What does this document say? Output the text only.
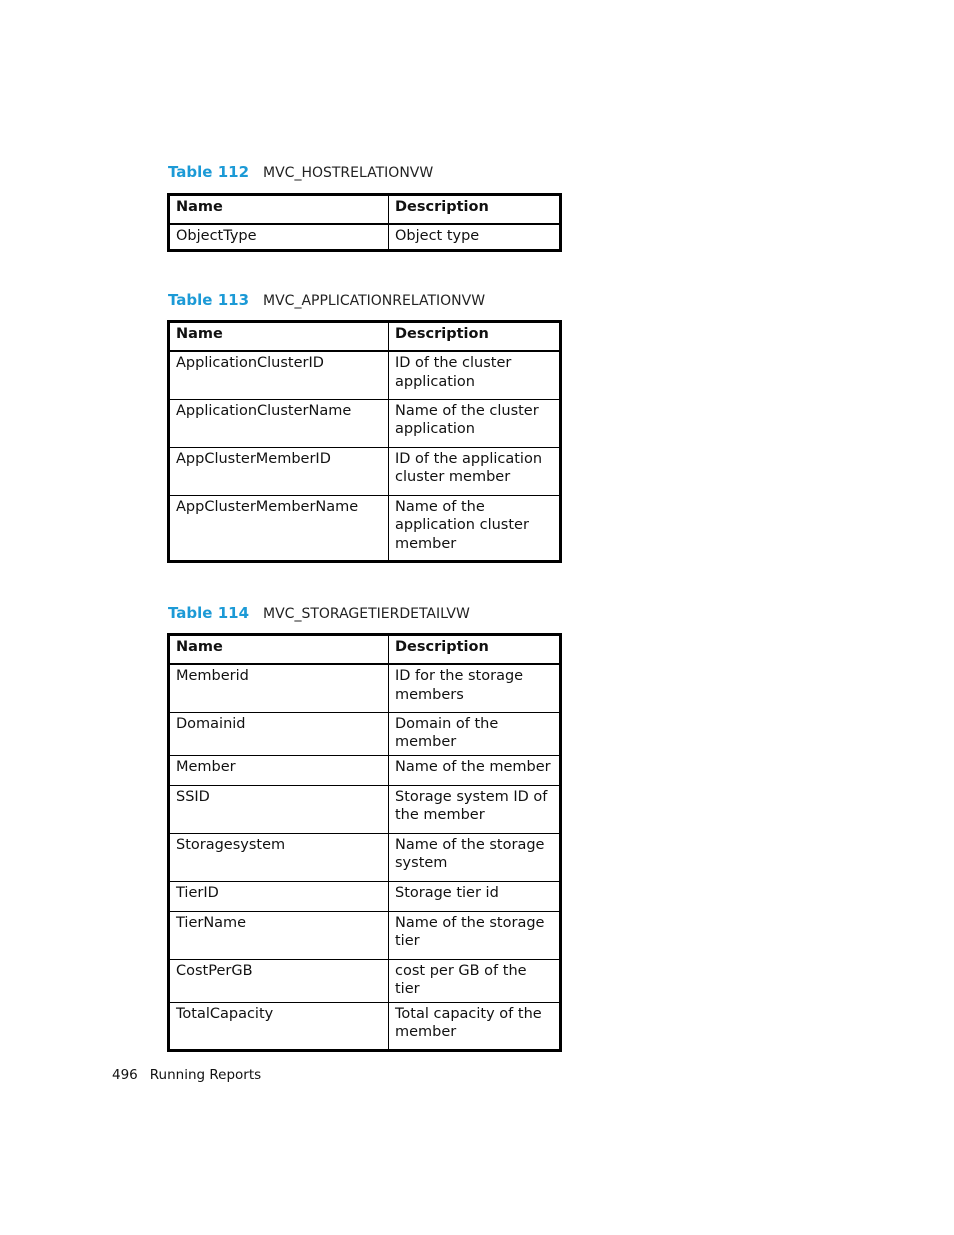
Table 112 MVC_HOSTRELATIONVW
Name	Description
ObjectType	Object type
Table 113 MVC_APPLICATIONRELATIONVW
Name	Description
ApplicationClusterID	ID of the cluster application
ApplicationClusterName	Name of the cluster application
AppClusterMemberID	ID of the application cluster member
AppClusterMemberName	Name of the application cluster member
Table 114 MVC_STORAGETIERDETAILVW
Name	Description
Memberid	ID for the storage members
Domainid	Domain of the member
Member	Name of the member
SSID	Storage system ID of the member
Storagesystem	Name of the storage system
TierID	Storage tier id
TierName	Name of the storage tier
CostPerGB	cost per GB of the tier
TotalCapacity	Total capacity of the member
496 Running Reports
